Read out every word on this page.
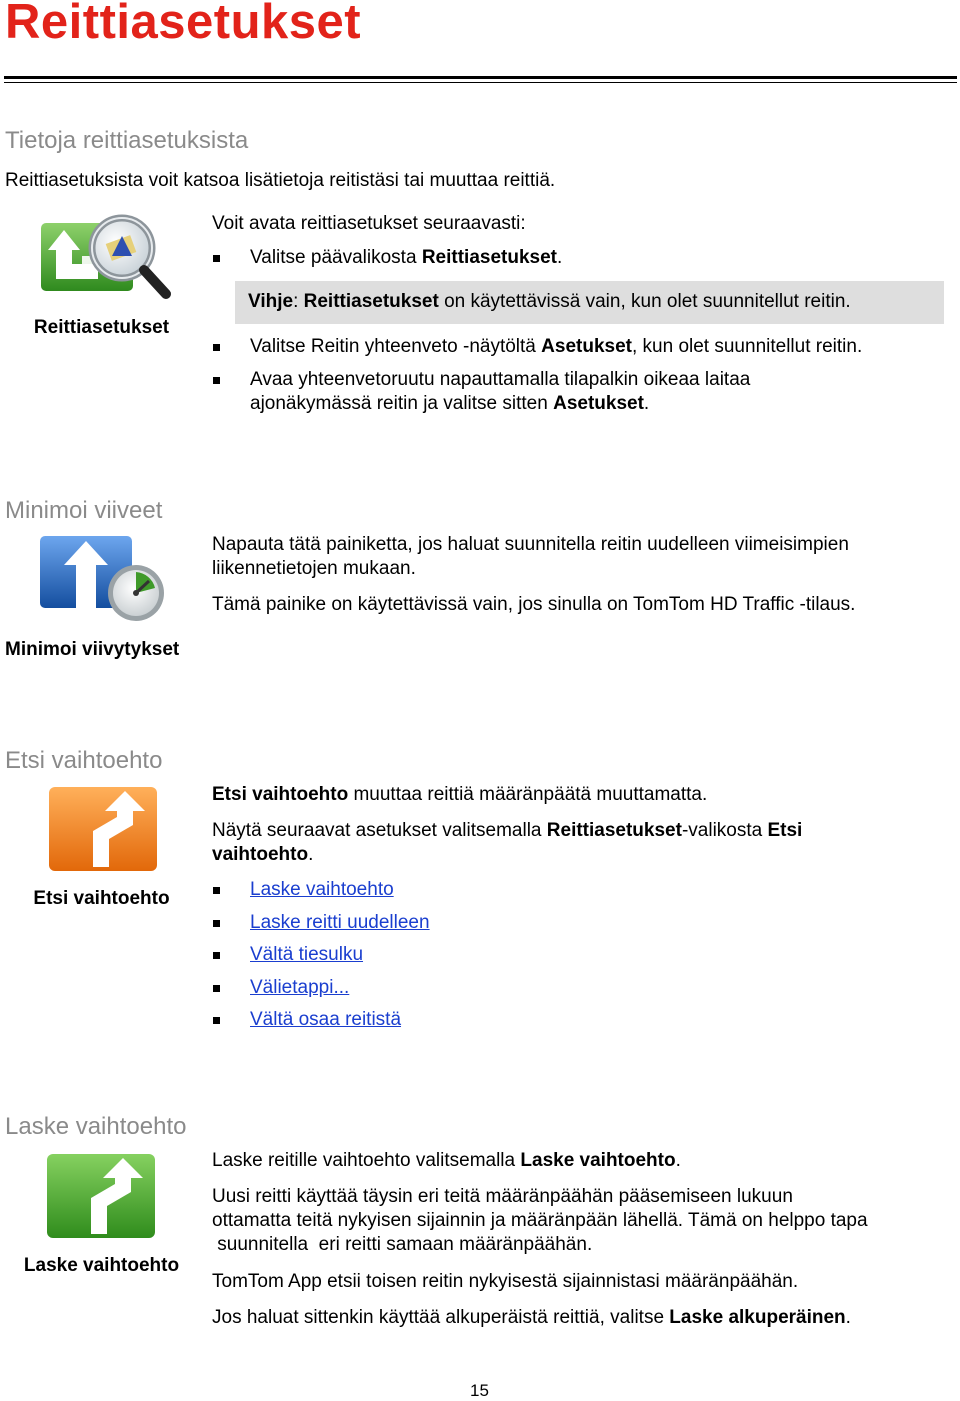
Reittiasetukset
Tietoja reittiasetuksista
Reittiasetuksista voit katsoa lisätietoja reitistäsi tai muuttaa reittiä.
Reittiasetukset
Voit avata reittiasetukset seuraavasti:
Valitse päävalikosta Reittiasetukset.
Vihje: Reittiasetukset on käytettävissä vain, kun olet suunnitellut reitin.
Valitse Reitin yhteenveto -näytöltä Asetukset, kun olet suunnitellut reitin.
Avaa yhteenvetoruutu napauttamalla tilapalkin oikeaa laitaa
ajonäkymässä reitin ja valitse sitten Asetukset.
Minimoi viiveet
Minimoi viivytykset
Napauta tätä painiketta, jos haluat suunnitella reitin uudelleen viimeisimpien
liikennetietojen mukaan.
Tämä painike on käytettävissä vain, jos sinulla on TomTom HD Traffic -tilaus.
Etsi vaihtoehto
Etsi vaihtoehto
Etsi vaihtoehto muuttaa reittiä määränpäätä muuttamatta.
Näytä seuraavat asetukset valitsemalla Reittiasetukset-valikosta Etsi
vaihtoehto.
Laske vaihtoehto
Laske reitti uudelleen
Vältä tiesulku
Välietappi...
Vältä osaa reitistä
Laske vaihtoehto
Laske vaihtoehto
Laske reitille vaihtoehto valitsemalla Laske vaihtoehto.
Uusi reitti käyttää täysin eri teitä määränpäähän pääsemiseen lukuun
ottamatta teitä nykyisen sijainnin ja määränpään lähellä. Tämä on helppo tapa
suunnitella  eri reitti samaan määränpäähän.
TomTom App etsii toisen reitin nykyisestä sijainnistasi määränpäähän.
Jos haluat sittenkin käyttää alkuperäistä reittiä, valitse Laske alkuperäinen.
15
